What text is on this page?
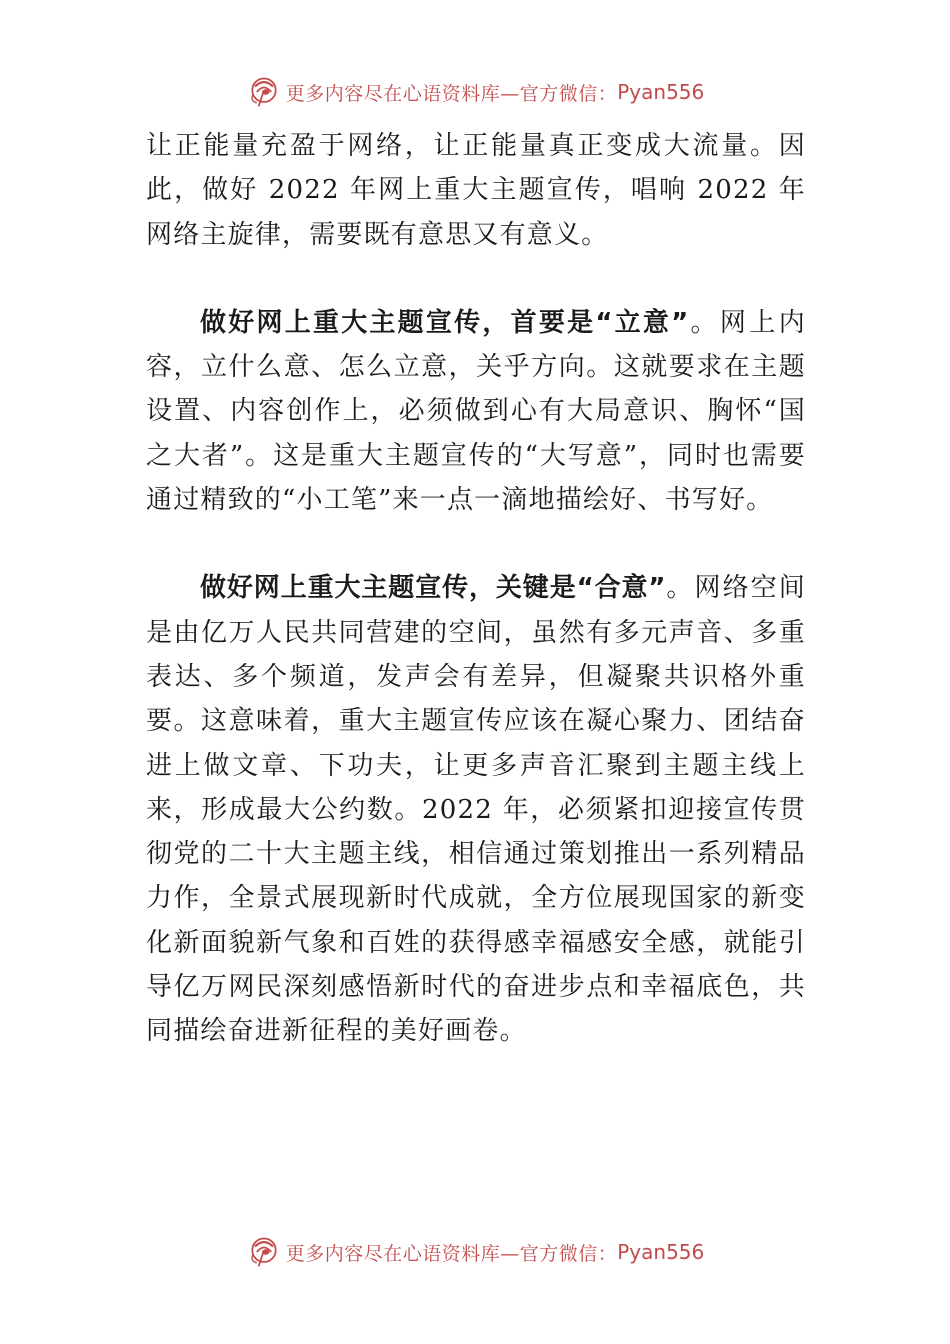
更多内容尽在心语资料库—官方微信： Pyan556

让正能量充盈于网络，让正能量真正变成大流量。因此，做好 2022 年网上重大主题宣传，唱响 2022 年网络主旋律，需要既有意思又有意义。

做好网上重大主题宣传，首要是“立意”。网上内容，立什么意、怎么立意，关乎方向。这就要求在主题设置、内容创作上，必须做到心有大局意识、胸怀“国之大者”。这是重大主题宣传的“大写意”，同时也需要通过精致的“小工笔”来一点一滴地描绘好、书写好。

做好网上重大主题宣传，关键是“合意”。网络空间是由亿万人民共同营建的空间，虽然有多元声音、多重表达、多个频道，发声会有差异，但凝聚共识格外重要。这意味着，重大主题宣传应该在凝心聚力、团结奋进上做文章、下功夫，让更多声音汇聚到主题主线上来，形成最大公约数。2022 年，必须紧扣迎接宣传贯彻党的二十大主题主线，相信通过策划推出一系列精品力作，全景式展现新时代成就，全方位展现国家的新变化新面貌新气象和百姓的获得感幸福感安全感，就能引导亿万网民深刻感悟新时代的奋进步点和幸福底色，共同描绘奋进新征程的美好画卷。

更多内容尽在心语资料库—官方微信： Pyan556
